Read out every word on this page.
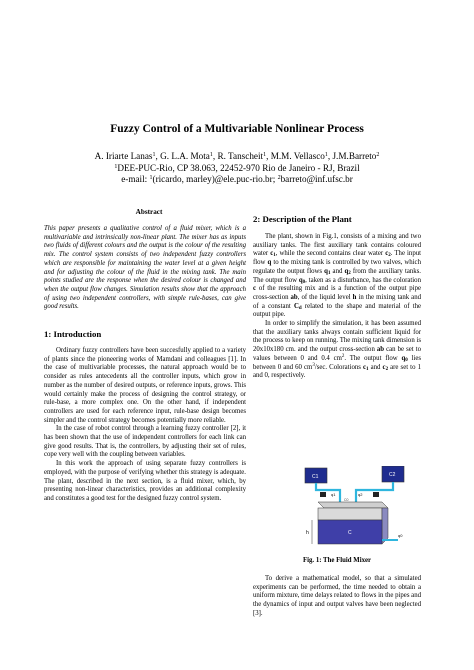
Fuzzy Control of a Multivariable Nonlinear Process
A. Iriarte Lanas$^1$, G. L.A. Mota$^1$, R. Tanscheit$^1$, M.M. Vellasco$^1$, J.M.Barreto$^2$
$^1$DEE-PUC-Rio, CP 38.063, 22452-970 Rio de Janeiro - RJ, Brazil
e-mail: $^1$(ricardo, marley)@ele.puc-rio.br; $^2$barreto@inf.ufsc.br
Abstract
This paper presents a qualitative control of a fluid mixer, which is a multivariable and intrinsically non-linear plant. The mixer has as inputs two fluids of different colours and the output is the colour of the resulting mix. The control system consists of two independent fuzzy controllers which are responsible for maintaining the water level at a given height and for adjusting the colour of the fluid in the mixing tank. The main points studied are the response when the desired colour is changed and when the output flow changes. Simulation results show that the approach of using two independent controllers, with simple rule-bases, can give good results.
1: Introduction

Ordinary fuzzy controllers have been succesfully applied to a variety of plants since the pioneering works of Mamdani and colleagues [1]. In the case of multivariable processes, the natural approach would be to consider as rules antecedents all the controller inputs, which grow in number as the number of desired outputs, or reference inputs, grows. This would certainly make the process of designing the control strategy, or rule-base, a more complex one. On the other hand, if independent controllers are used for each reference input, rule-base design becomes simpler and the control strategy becomes potentially more reliable.

In the case of robot control through a learning fuzzy controller [2], it has been shown that the use of independent controllers for each link can give good results. That is, the controllers, by adjusting their set of rules, cope very well with the coupling between variables.

In this work the approach of using separate fuzzy controllers is employed, with the purpose of verifying whether this strategy is adequate. The plant, described in the next section, is a fluid mixer, which, by presenting non-linear characteristics, provides an additional complexity and constitutes a good test for the designed fuzzy control system.

2: Description of the Plant

The plant, shown in Fig.1, consists of a mixing and two auxiliary tanks. The first auxiliary tank contains coloured water $c_1$, while the second contains clear water $c_2$. The input flow q to the mixing tank is controlled by two valves, which regulate the output flows $q_1$ and $q_2$ from the auxiliary tanks. The output flow $q_0$, taken as a disturbance, has the coloration c of the resulting mix and is a function of the output pipe cross-section ab, of the liquid level h in the mixing tank and of a constant $C_d$ related to the shape and material of the output pipe.

In order to simplify the simulation, it has been assumed that the auxiliary tanks always contain sufficient liquid for the process to keep on running. The mixing tank dimension is 20x10x180 cm. and the output cross-section ab can be set to values between 0 and 0.4 $cm^2$. The output flow $q_0$ lies between 0 and 60 $cm^3/\sec$. Colorations $c_1$ and $c_2$ are set to 1 and 0, respectively.

C1	C2
q1	q2
C0
C
h	q0
Fig. 1: The Fluid Mixer
To derive a mathematical model, so that a simulated experiments can be performed, the time needed to obtain a uniform mixture, time delays related to flows in the pipes and the dynamics of input and output valves have been neglected [3].
